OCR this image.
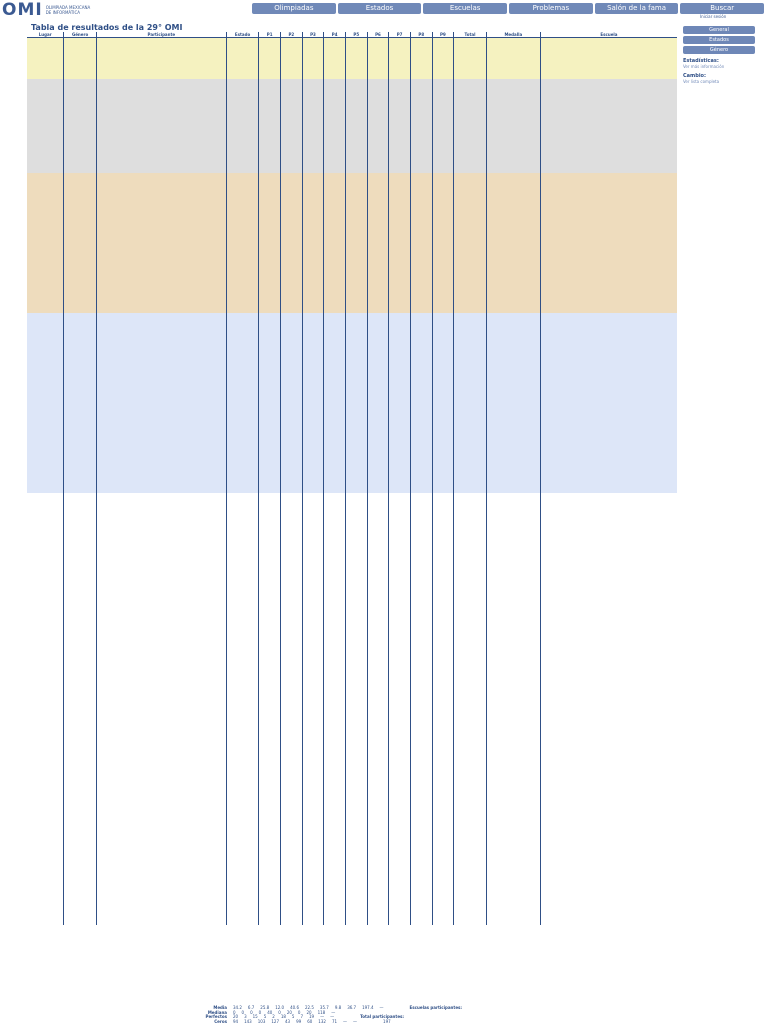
OMI OLIMPIADA MEXICANA DE INFORMÁTICA
Olimpiadas	Estados	Escuelas	Problemas	Salón de la fama	Buscar
Iniciar sesión
Tabla de resultados de la 29° OMI
Lugar	Género	Participante	Estado	P1	P2	P3	P4	P5	P6	P7	P8	P9	Total	Medalla	Escuela

Media	34.2 6.7 25.8 12.0 40.6 22.5 35.7 9.8 36.7 197.4 —	Escuelas participantes:
Mediana	0 0 0 0 40 0 20 0 20 118 —
Perfectos	20 3 15 5 2 18 5 7 19 — —	Total participantes:
Ceros	94 143 103 127 43 99 60 132 71 — —	197
General
Estados
Género
Estadísticas:
Ver más información
Cambio:
Ver lista completa
